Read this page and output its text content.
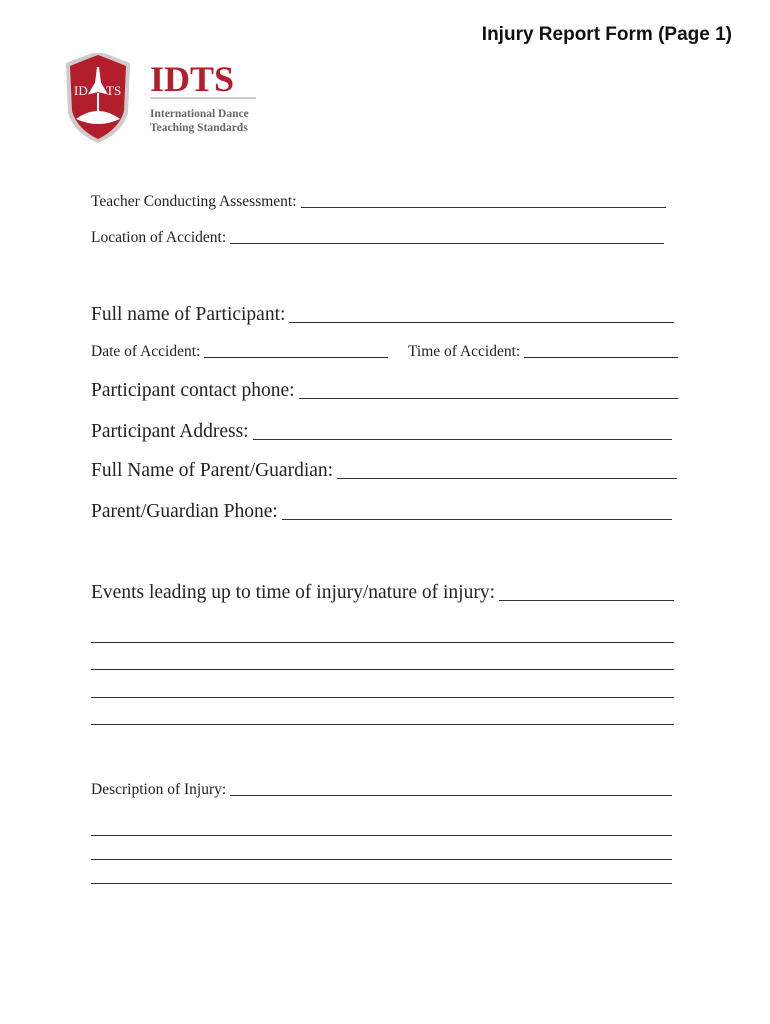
Injury Report Form (Page 1)
ID TS IDTS
International Dance
Teaching Standards
Teacher Conducting Assessment:
Location of Accident:
Full name of Participant:
Date of Accident:	Time of Accident:
Participant contact phone:
Participant Address:
Full Name of Parent/Guardian:
Parent/Guardian Phone:
Events leading up to time of injury/nature of injury:
Description of Injury:
